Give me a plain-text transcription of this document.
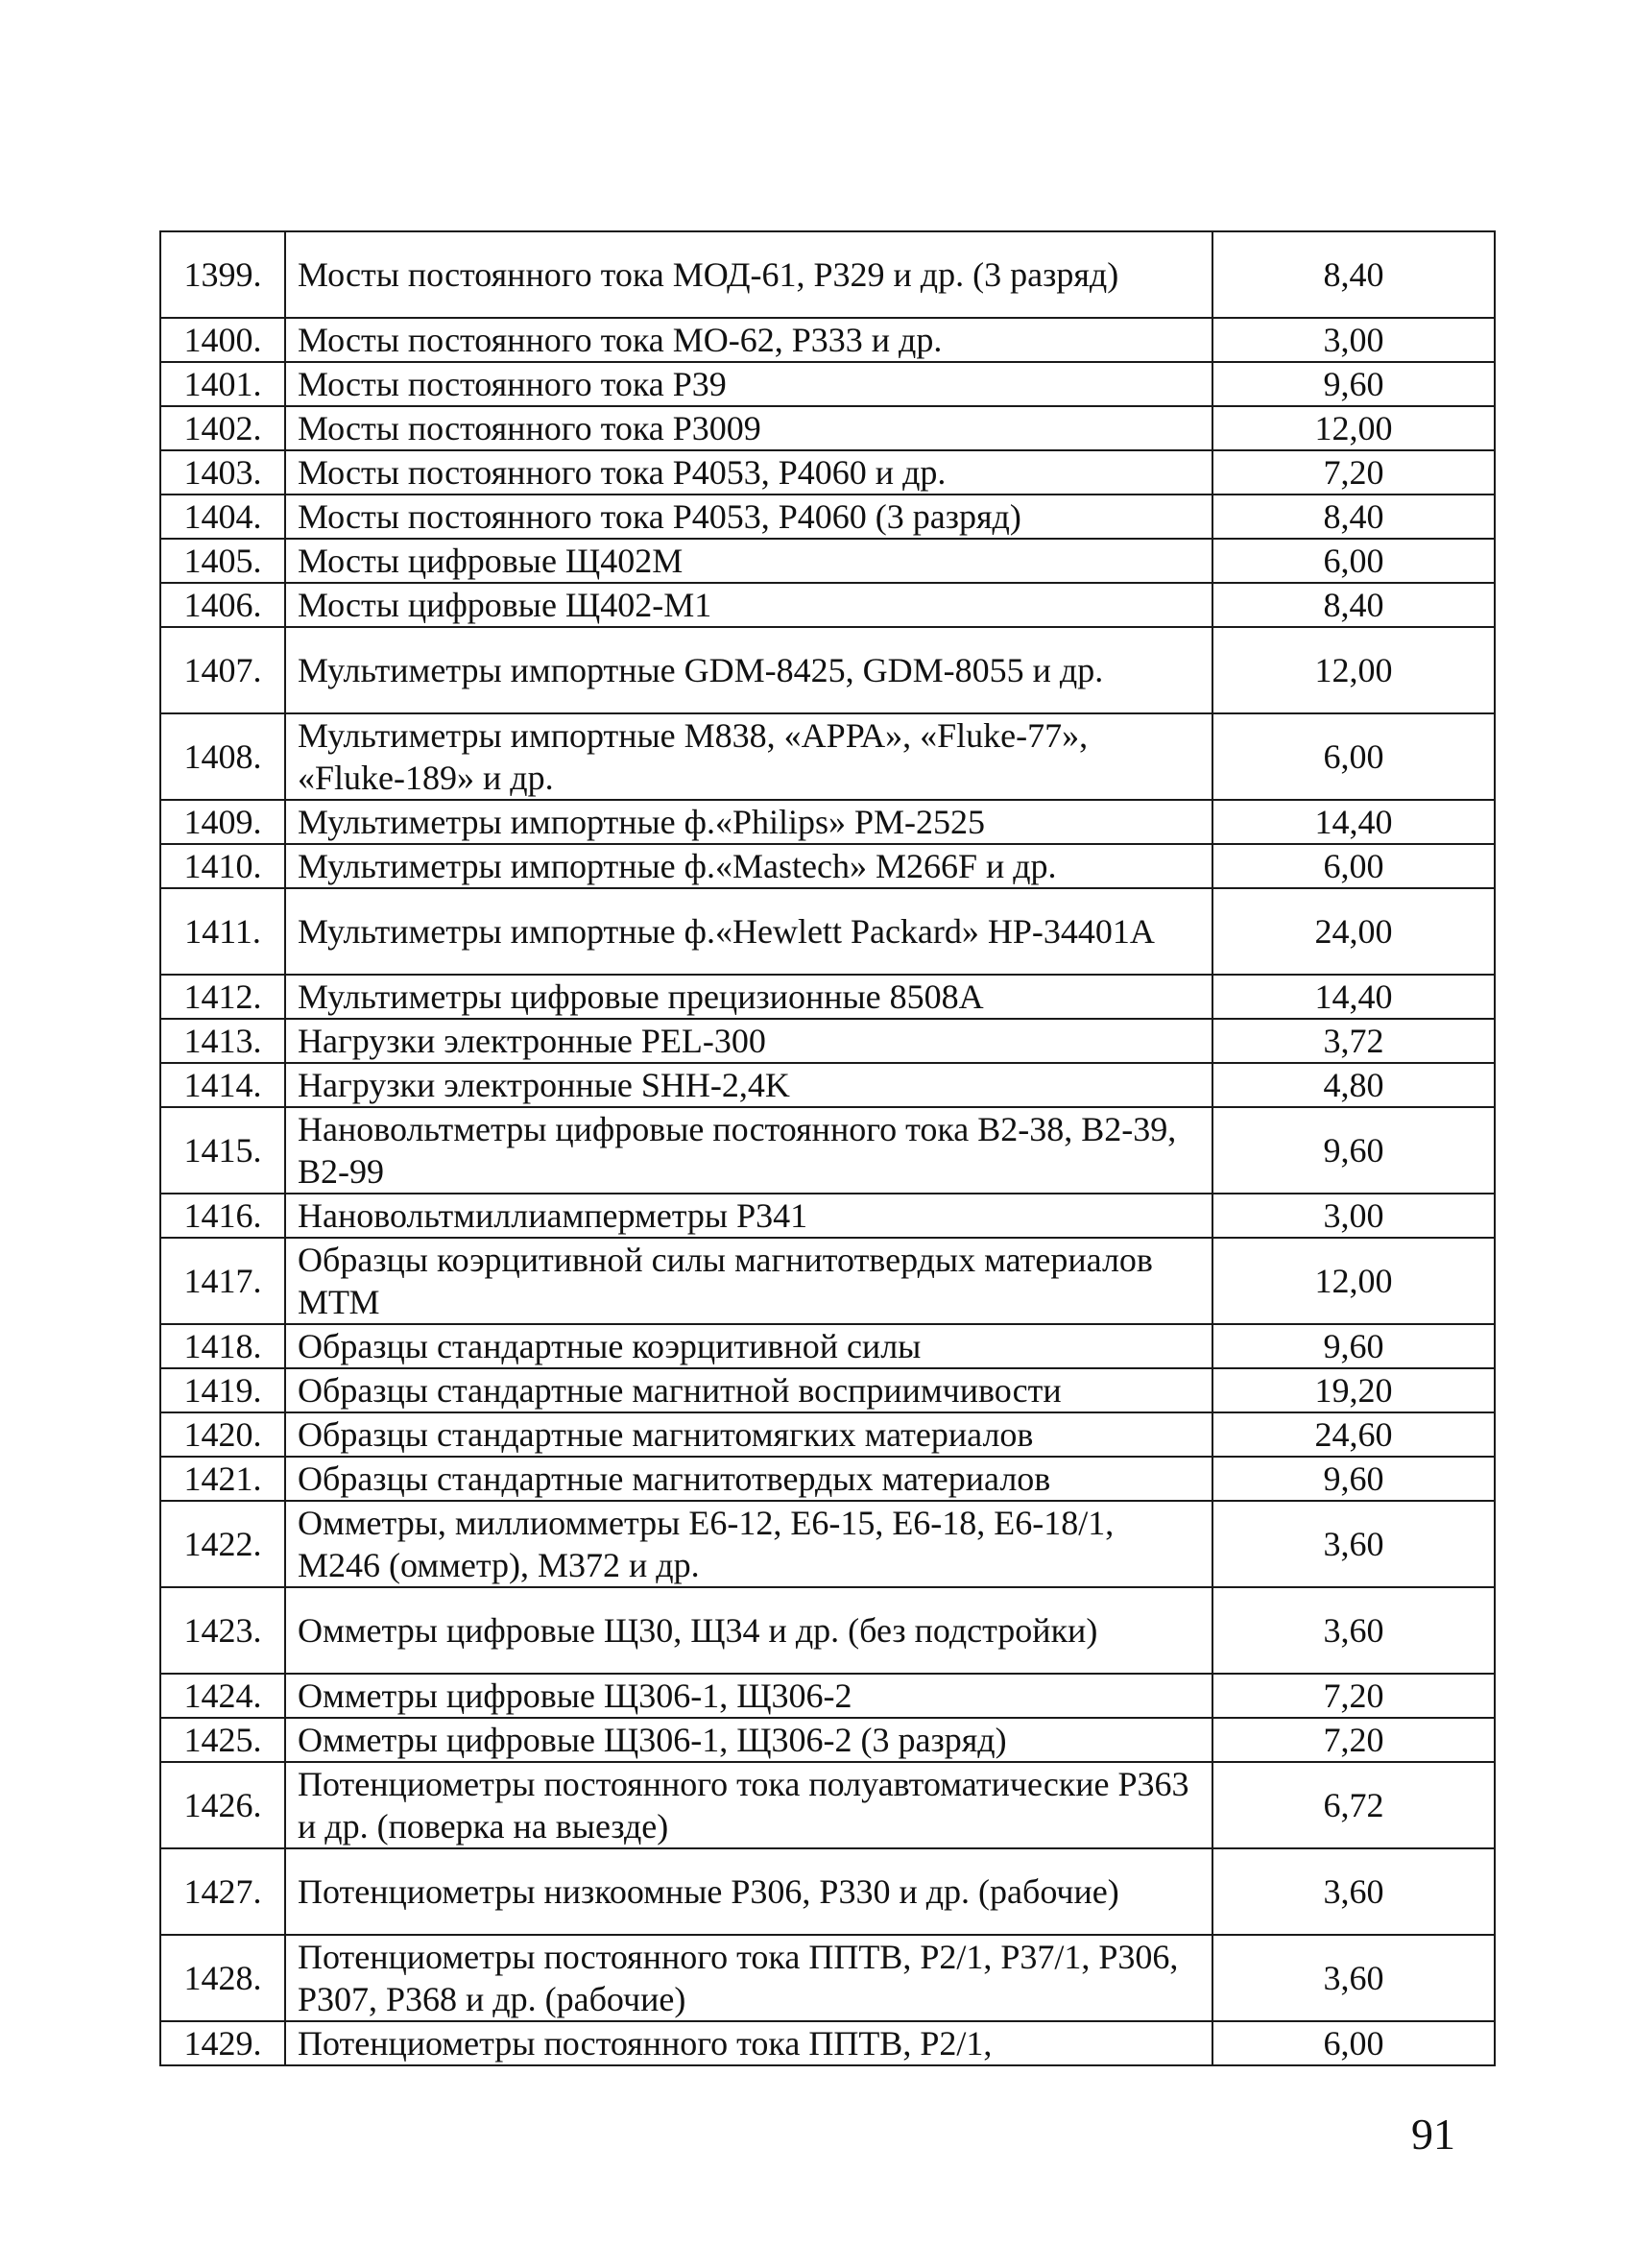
1399.	Мосты постоянного тока МОД-61, Р329 и др. (3 разряд)	8,40
1400.	Мосты постоянного тока МО-62, Р333 и др.	3,00
1401.	Мосты постоянного тока Р39	9,60
1402.	Мосты постоянного тока Р3009	12,00
1403.	Мосты постоянного тока Р4053, Р4060 и др.	7,20
1404.	Мосты постоянного тока Р4053, Р4060 (3 разряд)	8,40
1405.	Мосты цифровые Щ402М	6,00
1406.	Мосты цифровые Щ402-М1	8,40
1407.	Мультиметры импортные GDM-8425, GDM-8055 и др.	12,00
1408.	Мультиметры импортные М838, «АРРА», «Fluke-77», «Fluke-189» и др.	6,00
1409.	Мультиметры импортные ф.«Philips» РМ-2525	14,40
1410.	Мультиметры импортные ф.«Mastech» M266F и др.	6,00
1411.	Мультиметры импортные ф.«Hewlett Packard» HP-34401A	24,00
1412.	Мультиметры цифровые прецизионные 8508А	14,40
1413.	Нагрузки электронные PEL-300	3,72
1414.	Нагрузки электронные SHH-2,4K	4,80
1415.	Нановольтметры цифровые постоянного тока В2-38, В2-39, В2-99	9,60
1416.	Нановольтмиллиамперметры Р341	3,00
1417.	Образцы коэрцитивной силы магнитотвердых материалов МТМ	12,00
1418.	Образцы стандартные коэрцитивной силы	9,60
1419.	Образцы стандартные магнитной восприимчивости	19,20
1420.	Образцы стандартные магнитомягких материалов	24,60
1421.	Образцы стандартные магнитотвердых материалов	9,60
1422.	Омметры, миллиомметры Е6-12, Е6-15, Е6-18, Е6-18/1, М246 (омметр), М372 и др.	3,60
1423.	Омметры цифровые Щ30, Щ34 и др. (без подстройки)	3,60
1424.	Омметры цифровые Щ306-1, Щ306-2	7,20
1425.	Омметры цифровые Щ306-1, Щ306-2 (3 разряд)	7,20
1426.	Потенциометры постоянного тока полуавтоматические Р363 и др. (поверка на выезде)	6,72
1427.	Потенциометры низкоомные Р306, Р330 и др. (рабочие)	3,60
1428.	Потенциометры постоянного тока ППТВ, Р2/1, Р37/1, Р306, Р307, Р368 и др. (рабочие)	3,60
1429.	Потенциометры постоянного тока ППТВ, Р2/1,	6,00
91
